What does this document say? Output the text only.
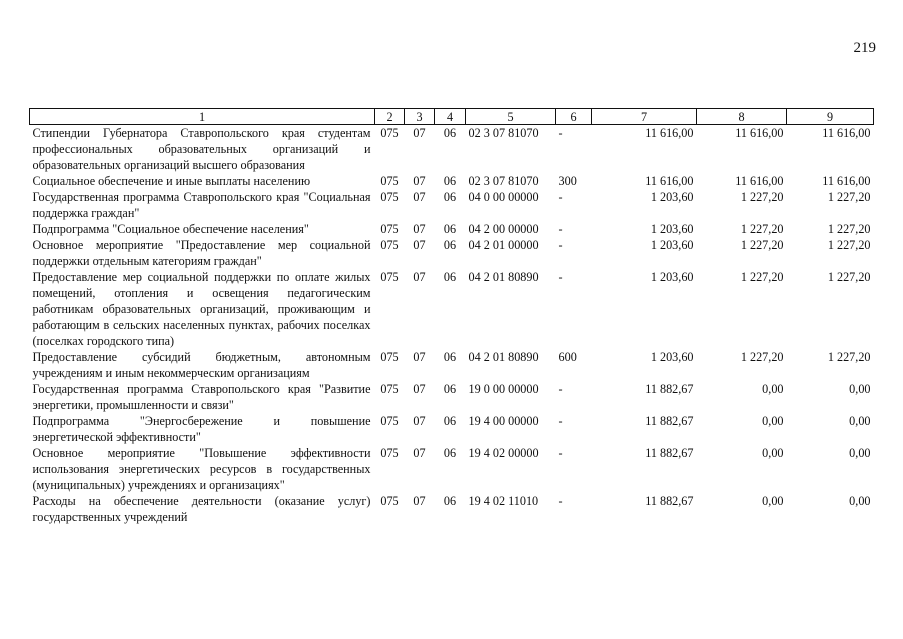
219
1	2	3	4	5	6	7	8	9
Стипендии Губернатора Ставропольского края студентам профессиональных образовательных организаций и образовательных организаций высшего образования	075	07	06	02 3 07 81070	-	11 616,00	11 616,00	11 616,00
Социальное обеспечение и иные выплаты населению	075	07	06	02 3 07 81070	300	11 616,00	11 616,00	11 616,00
Государственная программа Ставропольского края "Социальная поддержка граждан"	075	07	06	04 0 00 00000	-	1 203,60	1 227,20	1 227,20
Подпрограмма "Социальное обеспечение населения"	075	07	06	04 2 00 00000	-	1 203,60	1 227,20	1 227,20
Основное мероприятие "Предоставление мер социальной поддержки отдельным категориям граждан"	075	07	06	04 2 01 00000	-	1 203,60	1 227,20	1 227,20
Предоставление мер социальной поддержки по оплате жилых помещений, отопления и освещения педагогическим работникам образовательных организаций, проживающим и работающим в сельских населенных пунктах, рабочих поселках (поселках городского типа)	075	07	06	04 2 01 80890	-	1 203,60	1 227,20	1 227,20
Предоставление субсидий бюджетным, автономным учреждениям и иным некоммерческим организациям	075	07	06	04 2 01 80890	600	1 203,60	1 227,20	1 227,20
Государственная программа Ставропольского края "Развитие энергетики, промышленности и связи"	075	07	06	19 0 00 00000	-	11 882,67	0,00	0,00
Подпрограмма "Энергосбережение и повышение энергетической эффективности"	075	07	06	19 4 00 00000	-	11 882,67	0,00	0,00
Основное мероприятие "Повышение эффективности использования энергетических ресурсов в государственных (муниципальных) учреждениях и организациях"	075	07	06	19 4 02 00000	-	11 882,67	0,00	0,00
Расходы на обеспечение деятельности (оказание услуг) государственных учреждений	075	07	06	19 4 02 11010	-	11 882,67	0,00	0,00
